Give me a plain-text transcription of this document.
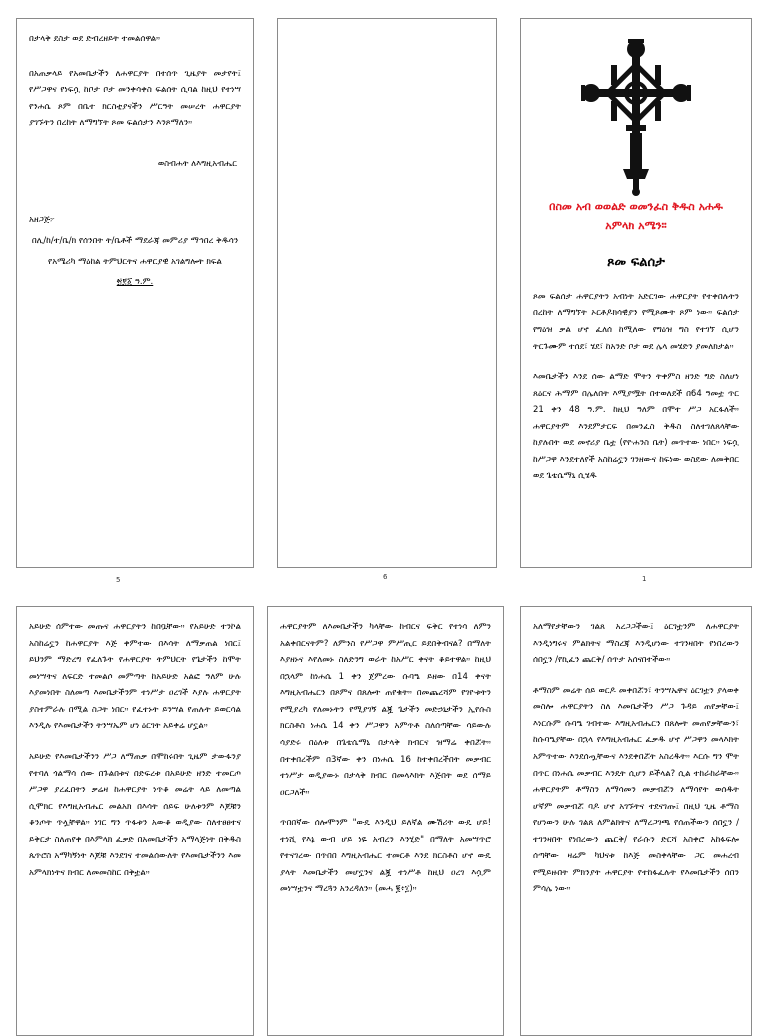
በታላቅ ደስታ ወደ ድብረዘይት ተመልሰዋል።

በአጠቃላይ የአመቤታችን ለሐዋርያት በተሰጥ ጊዜያት መታየት፤ የሥጋዋና የነፍሷ ከቦታ ቦታ መንቀሳቀስ ፍልሰት ሲባል ከዚህ የተነሣ የንሐሴ ጾም በቤተ ክርስቲያናችን ሥርዓት መሠረት ሐዋርያት ያገኙትን በረከት ለማግኘት ጾመ ፍልሰታን እንጾማለን።

ወስብሐት ለእግዚአብሔር

አዘጋጅ፦

በሊ/ከ/ተ/ቤ/ክ የሰንበት ት/ቤቶች ማደራጃ መምሪያ ማኅበረ ቅዱሳን

የአሜሪካ ማዕከል ትምህርትና ሐዋርያዊ አገልግሎት ክፍል

፳፻፩ ዓ.ም.

5	6

በስመ አብ ወወልድ ወመንፈስ ቅዱስ አሐዱ አምላክ አሜን።

ጾመ ፍልሰታ

ጾመ ፍልሰታ ሐዋርያትን አብነት አድርገው ሐዋርያት የተቀበሉትን በረከት ለማግኘት ኦርቶዶክሳዊያን የሚጾሙት ጾም ነው። ፍልሰታ የግዕዝ ቃል ሆኖ ፈለሰ ከሚለው የግዕዝ ግስ የተገኘ ሲሆን ትርጉሙም ተሰደ፣ ሄደ፣ ከአንድ ቦታ ወደ ሌላ መሄድን ያመለክታል።

እመቤታችን እንደ ሰው ልማድ ሞትን ትቀምስ ዘንድ ግድ ስለሆነ ጸዕርና ሕማም በሌለበት እሚያሟት በተወለደች በ64 ዓመቷ ጥር 21 ቀን 48 ዓ.ም. ከዚህ ዓለም በሞተ ሥጋ አርፋለች። ሐዋርያትም እንደምታርፍ በመንፈስ ቅዱስ ስለተገለጸላቸው ከያሉበት ወደ መኖሪያ ቤቷ (የዮሐንስ ቤት) መጥተው ነበር። ነፍሷ ከሥጋዋ እንደተለየች አስከሬኗን ገንዘውና ከፍነው ወስደው ለመቅበር ወደ ጌቴሴማኒ ሲሄዱ

1

አይሁድ ሰምተው መጡና ሐዋርያትን ከበቧቸው። የአይሁድ ተንኮል አስከሬኗን ከሐዋርያት እጅ ቀምተው በእሳት ለማቃጠል ነበር፤ ይህንም ማድረግ የፈለጉት የሐዋርያት ትምህርት የጌታችን ከሞት መነሣትና ለፍርድ ተመልሶ መምጣት ከአይሁድ አልፎ ዓለም ሁሉ እያመነበት ስለመጣ እመቤታችንም ተነሥታ ዐረገች እያሉ ሐዋርያት ያስተምራሉ በሚል ስጋት ነበር። የፈተኑት ይንሣል የጠሉት ይወርሳል እንዲሉ የእመቤታችን ትንሣኤም ሆነ ዕርገት አይቀሬ ሆኗል።

አይሁድ የእመቤታችንን ሥጋ ለማጠቃ በሞከሩበት ጊዜም ታውፋንያ የተባለ ጎልማሳ ሰው በጉልበቱና በድፍረቱ በአይሁድ ዘንድ ተመርጦ ሥጋዋ ያረፈበትን ቃሬዛ ከሐዋርያት ነጥቆ መሬት ላይ ለመጣል ሲሞክር የእግዚአብሔር መልአክ በእሳት ሰይፍ ሁለቱንም እጆቹን ቆንጦት ጥሏቸዋል። ነገር ግን ጥፋቱን አውቆ ወዲያው ስለተፀፀተና ይቅርታ ስለጠየቀ በእምላክ ፈቃድ በአመቤታችን አማላጅነት በቅዱስ ጴጥሮስ አማካኝነት እጆቹ እንደገና ተመልሰውለት የእመቤታችንን እመ አምላክነትና ክብር ለመመስከር በቅቷል።

ሐዋርያትም ለእመቤታችን ካላቸው ከብርና ፍቅር የተነሳ ለምን አልቀበርናትም? ለምንስ የሥጋዋ ምሥጢር ይደበቅብናል? በማለት እያዘኑና እየለመኑ ስለድንግ ወራት ከአሥር ቀናት ቆይተዋል። ከዚህ በኋላም ከነሐሴ 1 ቀን ጀምረው ሱባዔ ይዘው በ14 ቀናት እግዚአብሔርን በጾምና በጸሎት ጠየቁት። በመጨረሻም የገዮቱትን የሚያረካ የለመኑትን የሚያገኝ ልጇ ጌታችን መድኃኒታችን ኢየሱስ ክርስቶስ ነሐሴ 14 ቀን ሥጋዋን አምጥቶ ስለሰጣቸው ሳይውሉ ሳያድሩ በዕለቱ በጌቴሴማኒ በታላቅ ክብርና ዝማሬ ቀበሯት። በተቀበረችም በ3ኛው ቀን በነሐሴ 16 ከተቀበረችበት መቃብር ተነሥታ ወዲያውኑ በታላቅ ክብር በመላእክት እጅበት ወደ ሰማይ ዐርጋለች።

ጥበበኛው ሰሎሞንም "ውዴ እንዲህ ይለኛል ሙሽሪት ውዴ ሆይ! ተነሺ የእኔ ውብ ሆይ ነዬ አብረን እንሂድ" በማለት አመሣጥሮ የተናገረው በጥበበ እግዚአብሔር ተመርቶ እንደ ክርስቶስ ሆኖ ውዴ ያላት እመቤታችን መሆኗንና ልጇ ተነሥቶ ከዚህ ዐረገ እሷም መነሣቷንና ማረጓን አንረዳለን። (መሓ ፪፥፲)።

አለማየታቸውን ገልጸ አረጋጋችው፤ ዕርገቷንም ለሐዋርያት እንዲነግሩና ምልክትና ማስረጃ እንዲሆነው ተገንዛበት የነበረውን ሰበኗን /የኪፈን ጨርቅ/ ሰጥታ አሰናበተችው።

ቶማስም መሬት ሰይ ወርዶ መቀበሯን፣ ትንሣኤዋና ዕርገቷን ያላወቀ መስሎ ሐዋርያትን ስለ እመቤታችን ሥጋ ጉዳይ ጠየቃቸው፤ እነርሱም ሱባዔ ገብተው እግዚአብሔርን በጸሎት መጠየቃቸውን፣ ከሱባዔያቸው በኋላ የእግዚአብሔር ፈቃዱ ሆኖ ሥጋዋን መላእክት አምጥተው እንደሰጧቸውና እንደቀበሯት አስረዱት። እርሱ ግን ሞት በጥር በነሐሴ መቃብር እንዴት ሲሆን ይችላል? ሲል ተከራከራቸው። ሐዋርያትም ቶማስን ለማሳመን መቃብሯን ለማሳየት ወሰዱት ሆኛም መቃብሯ ባዶ ሆኖ አገኙትና ተደናገጡ፤ በዚህ ጊዜ ቶማስ የሆነውን ሁሉ ገልጸ ለምልክትና ለማረጋገጫ የሰጠችውን ሰበኗን /ተገንዛበት የነበረውን ጨርቅ/ የራሱን ድርሻ አስቀሮ አከፋፍሎ ሰጣቸው ዛሬም ካህናቱ ከእጅ መስቀላቸው ጋር መሐረብ የሚይዙበት ምክንያት ሐዋርያት የተከፋፈሉት የእመቤታችን ሰበን ምሳሌ ነው።
